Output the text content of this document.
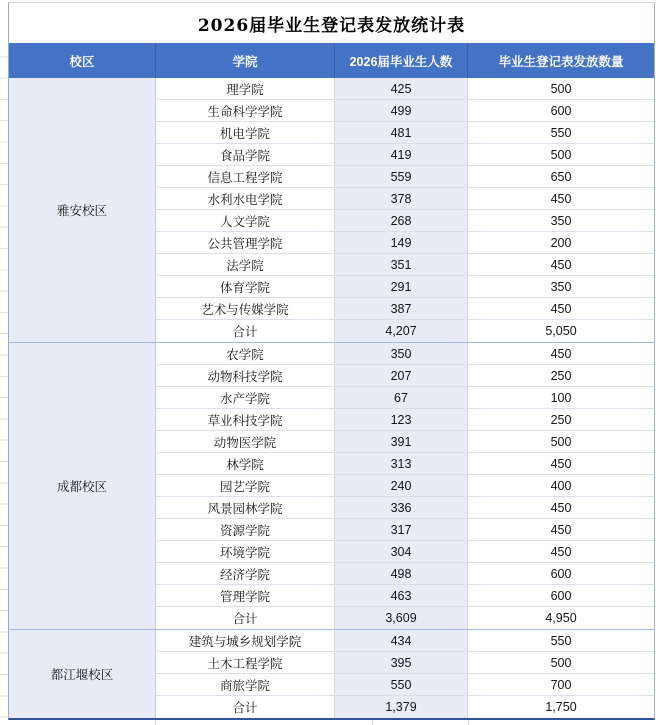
2026届毕业生登记表发放统计表
校区	学院	2026届毕业生人数	毕业生登记表发放数量
雅安校区
理学院	425	500
生命科学学院	499	600
机电学院	481	550
食品学院	419	500
信息工程学院	559	650
水利水电学院	378	450
人文学院	268	350
公共管理学院	149	200
法学院	351	450
体育学院	291	350
艺术与传媒学院	387	450
合计	4,207	5,050
成都校区
农学院	350	450
动物科技学院	207	250
水产学院	67	100
草业科技学院	123	250
动物医学院	391	500
林学院	313	450
园艺学院	240	400
风景园林学院	336	450
资源学院	317	450
环境学院	304	450
经济学院	498	600
管理学院	463	600
合计	3,609	4,950
都江堰校区
建筑与城乡规划学院	434	550
土木工程学院	395	500
商旅学院	550	700
合计	1,379	1,750
